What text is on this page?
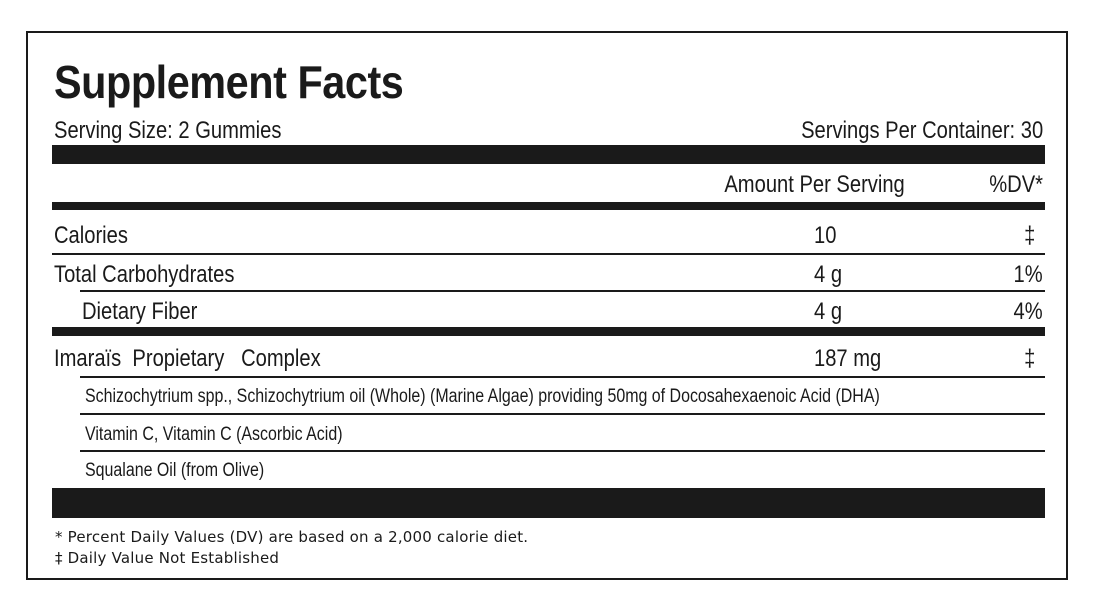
Supplement Facts
Serving Size: 2 Gummies	Servings Per Container: 30
Amount Per Serving	%DV*
Calories	10	‡
Total Carbohydrates	4 g	1%
Dietary Fiber	4 g	4%
Imaraïs  Propietary   Complex	187 mg	‡
Schizochytrium spp., Schizochytrium oil (Whole) (Marine Algae) providing 50mg of Docosahexaenoic Acid (DHA)
Vitamin C, Vitamin C (Ascorbic Acid)
Squalane Oil (from Olive)
* Percent Daily Values (DV) are based on a 2,000 calorie diet.
‡ Daily Value Not Established
